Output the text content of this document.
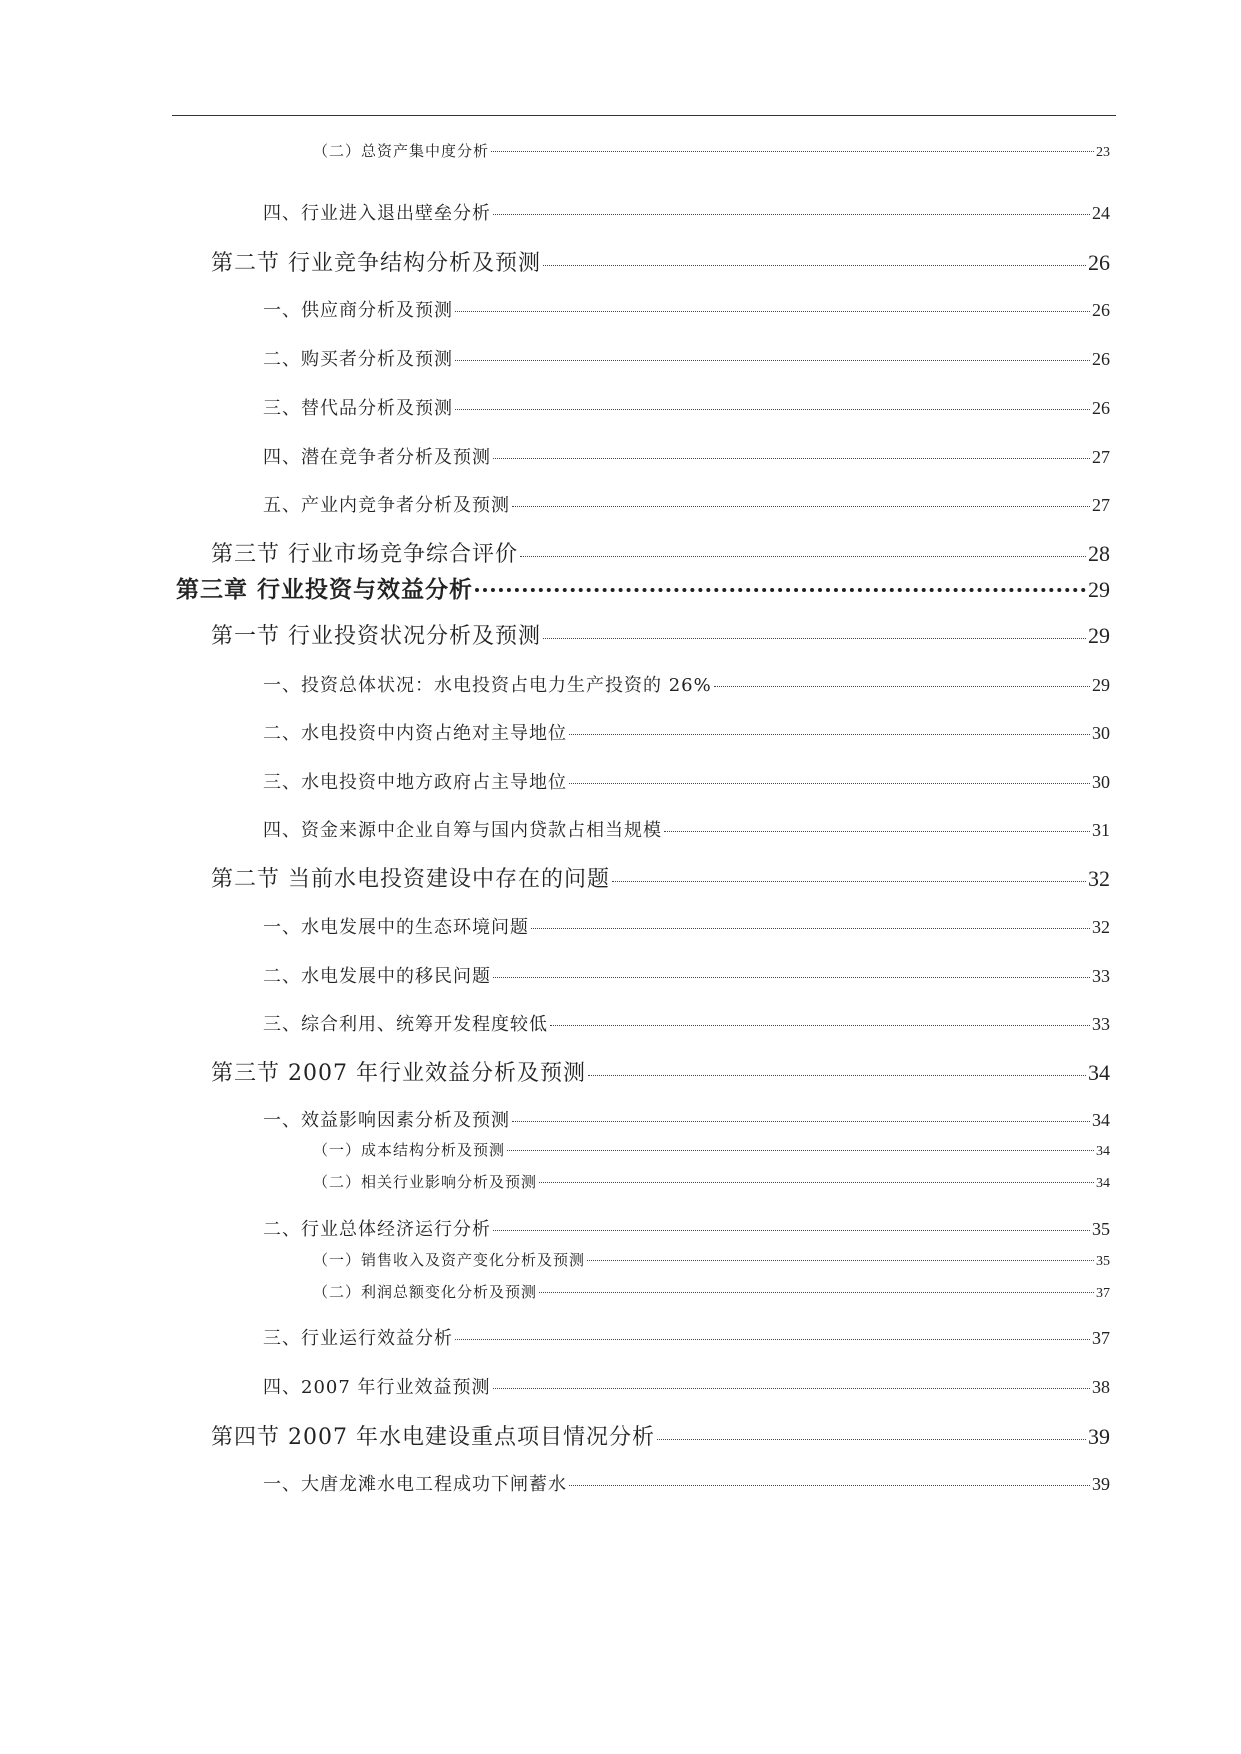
（二）总资产集中度分析	23
四、行业进入退出壁垒分析	24
第二节 行业竞争结构分析及预测	26
一、供应商分析及预测	26
二、购买者分析及预测	26
三、替代品分析及预测	26
四、潜在竞争者分析及预测	27
五、产业内竞争者分析及预测	27
第三节 行业市场竞争综合评价	28
第三章 行业投资与效益分析	29
第一节 行业投资状况分析及预测	29
一、投资总体状况：水电投资占电力生产投资的 26%	29
二、水电投资中内资占绝对主导地位	30
三、水电投资中地方政府占主导地位	30
四、资金来源中企业自筹与国内贷款占相当规模	31
第二节 当前水电投资建设中存在的问题	32
一、水电发展中的生态环境问题	32
二、水电发展中的移民问题	33
三、综合利用、统筹开发程度较低	33
第三节 2007 年行业效益分析及预测	34
一、效益影响因素分析及预测	34
（一）成本结构分析及预测	34
（二）相关行业影响分析及预测	34
二、行业总体经济运行分析	35
（一）销售收入及资产变化分析及预测	35
（二）利润总额变化分析及预测	37
三、行业运行效益分析	37
四、2007 年行业效益预测	38
第四节 2007 年水电建设重点项目情况分析	39
一、大唐龙滩水电工程成功下闸蓄水	39
